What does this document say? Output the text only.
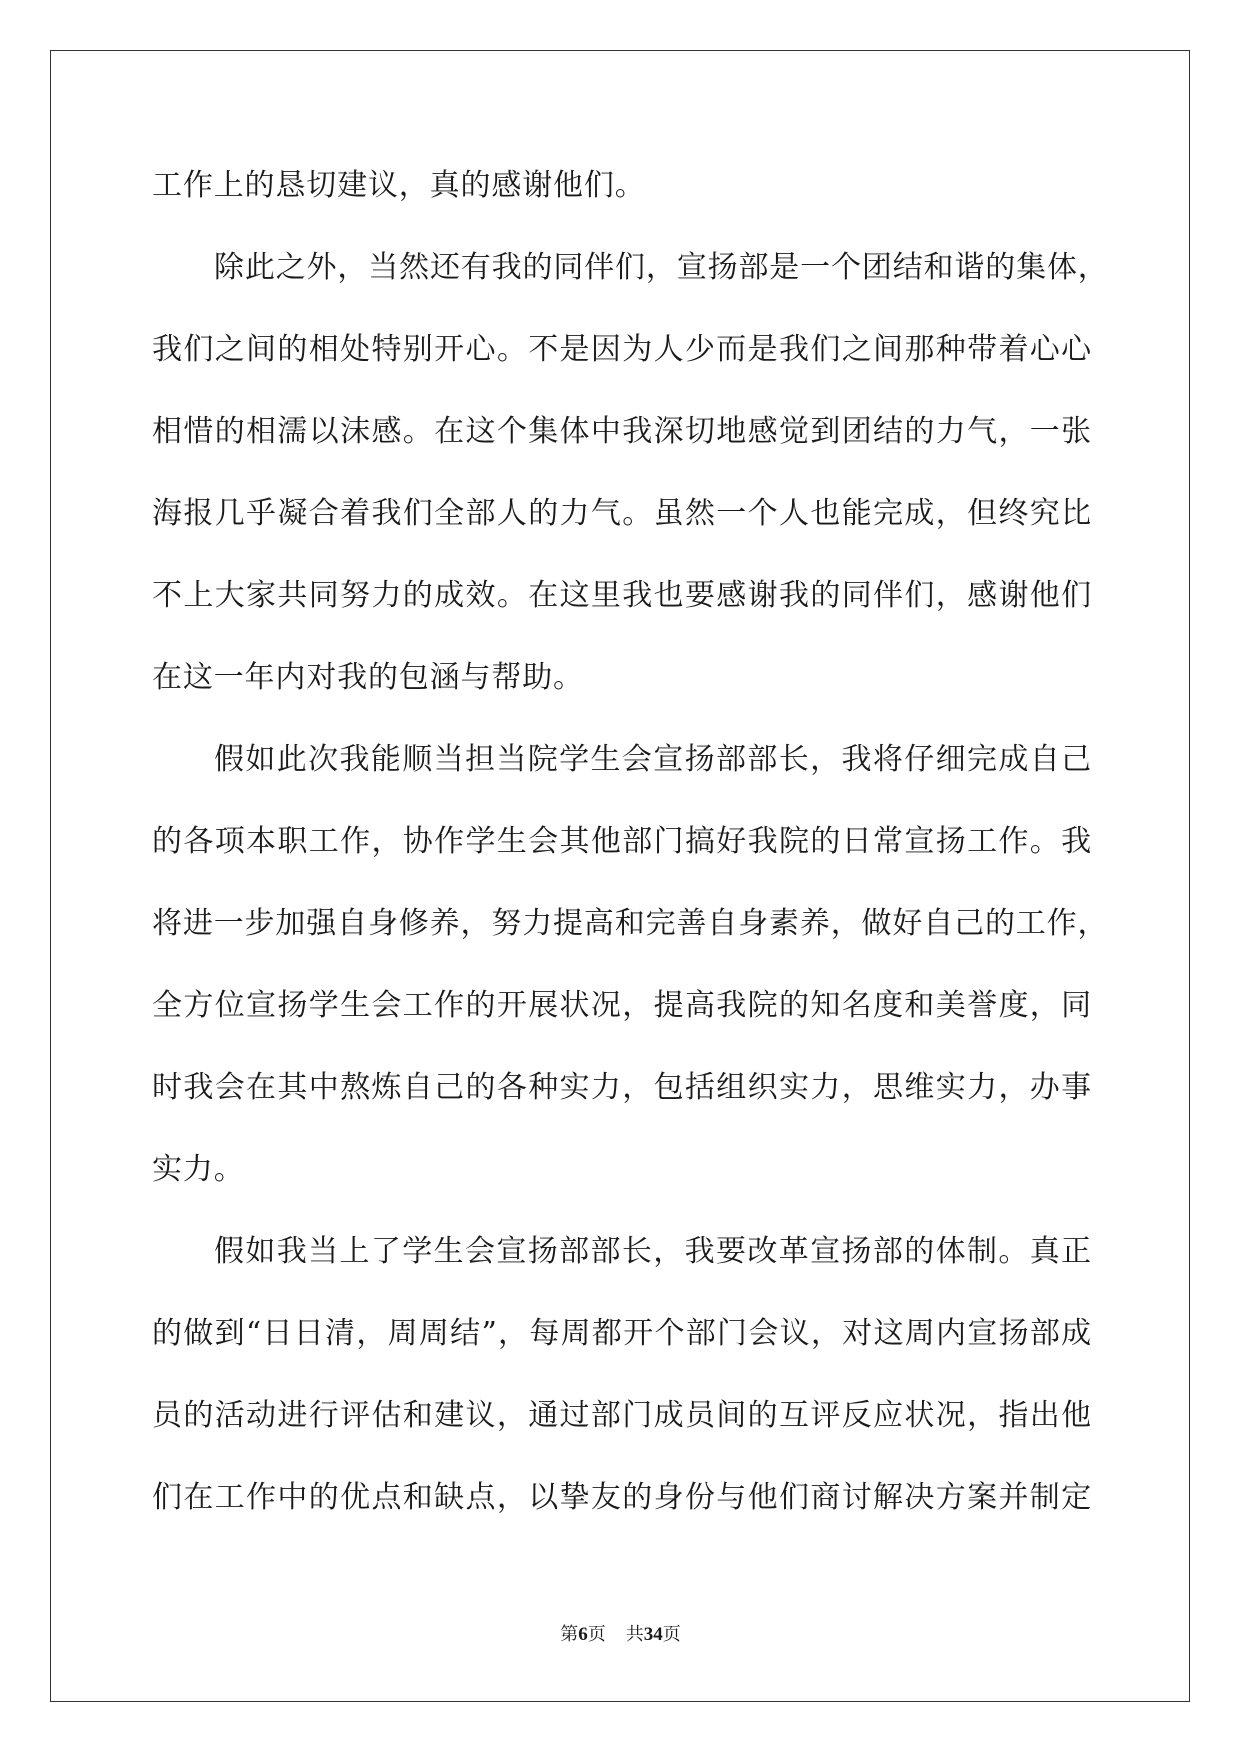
工作上的恳切建议，真的感谢他们。
除此之外，当然还有我的同伴们，宣扬部是一个团结和谐的集体，
我们之间的相处特别开心。不是因为人少而是我们之间那种带着心心
相惜的相濡以沫感。在这个集体中我深切地感觉到团结的力气，一张
海报几乎凝合着我们全部人的力气。虽然一个人也能完成，但终究比
不上大家共同努力的成效。在这里我也要感谢我的同伴们，感谢他们
在这一年内对我的包涵与帮助。
假如此次我能顺当担当院学生会宣扬部部长，我将仔细完成自己
的各项本职工作，协作学生会其他部门搞好我院的日常宣扬工作。我
将进一步加强自身修养，努力提高和完善自身素养，做好自己的工作，
全方位宣扬学生会工作的开展状况，提高我院的知名度和美誉度，同
时我会在其中熬炼自己的各种实力，包括组织实力，思维实力，办事
实力。
假如我当上了学生会宣扬部部长，我要改革宣扬部的体制。真正
的做到“日日清，周周结”，每周都开个部门会议，对这周内宣扬部成
员的活动进行评估和建议，通过部门成员间的互评反应状况，指出他
们在工作中的优点和缺点，以挚友的身份与他们商讨解决方案并制定
第6页 共34页
